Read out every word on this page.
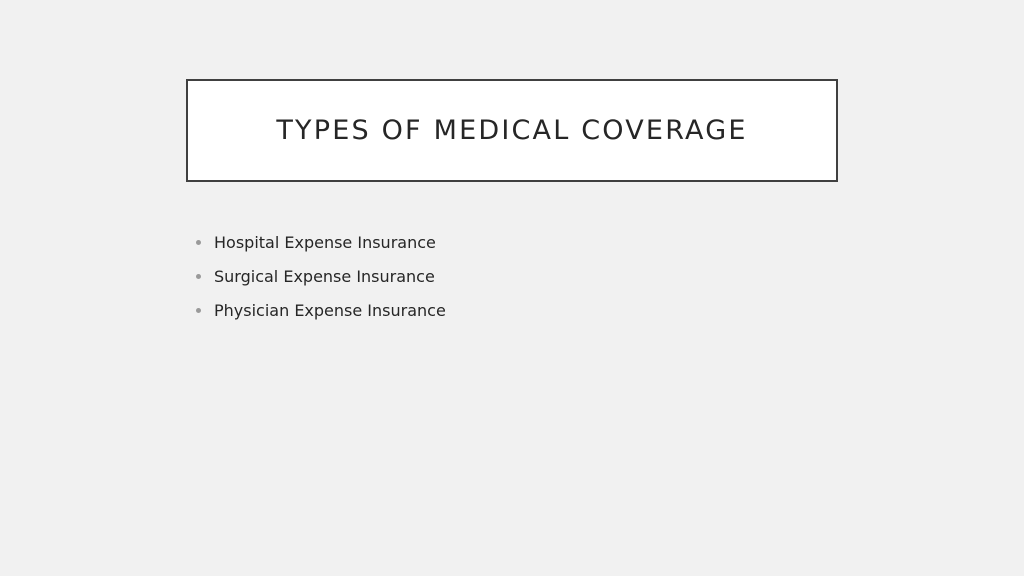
TYPES OF MEDICAL COVERAGE
Hospital Expense Insurance
Surgical Expense Insurance
Physician Expense Insurance
